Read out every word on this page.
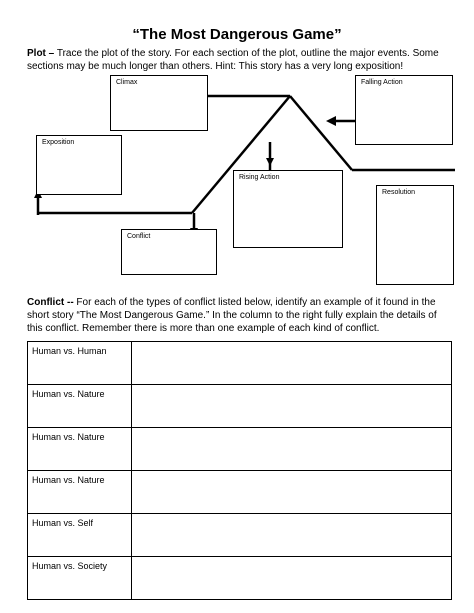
“The Most Dangerous Game”
Plot – Trace the plot of the story. For each section of the plot, outline the major events. Some sections may be much longer than others. Hint: This story has a very long exposition!
Climax	Falling Action
Exposition
Rising Action
Resolution
Conflict
Conflict -- For each of the types of conflict listed below, identify an example of it found in the short story “The Most Dangerous Game.” In the column to the right fully explain the details of this conflict. Remember there is more than one example of each kind of conflict.
Human vs. Human	
Human vs. Nature	
Human vs. Nature	
Human vs. Nature	
Human vs. Self	
Human vs. Society	
